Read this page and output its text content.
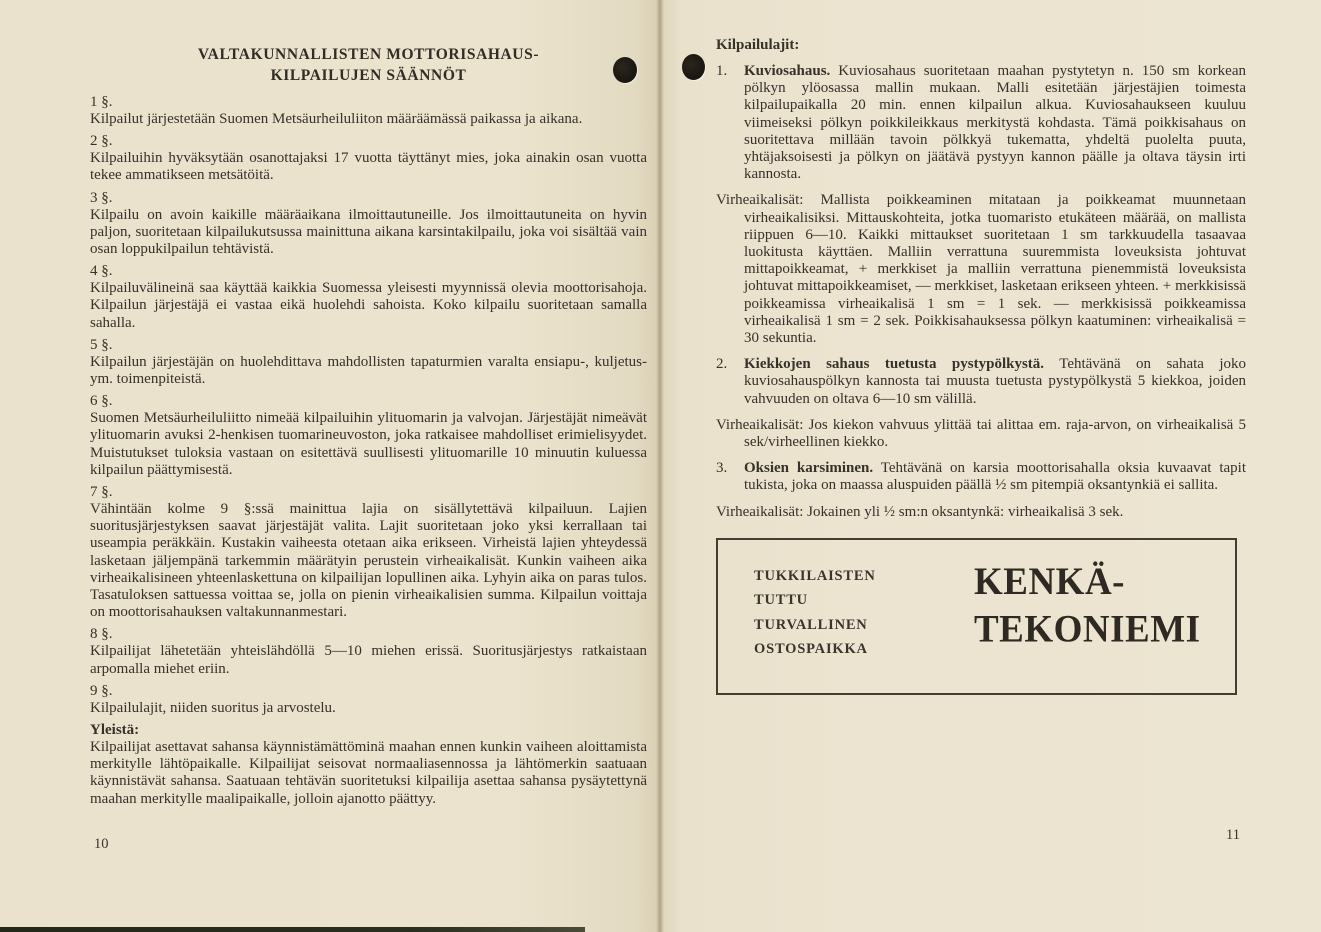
VALTAKUNNALLISTEN MOTTORISAHAUS-
KILPAILUJEN SÄÄNNÖT

1 §.

Kilpailut järjestetään Suomen Metsäurheiluliiton määräämässä paikassa ja aikana.

2 §.

Kilpailuihin hyväksytään osanottajaksi 17 vuotta täyttänyt mies, joka ainakin osan vuotta tekee ammatikseen metsätöitä.

3 §.

Kilpailu on avoin kaikille määräaikana ilmoittautuneille. Jos ilmoittautuneita on hyvin paljon, suoritetaan kilpailukutsussa mainittuna aikana karsintakilpailu, joka voi sisältää vain osan loppukilpailun tehtävistä.

4 §.

Kilpailuvälineinä saa käyttää kaikkia Suomessa yleisesti myynnissä olevia moottorisahoja. Kilpailun järjestäjä ei vastaa eikä huolehdi sahoista. Koko kilpailu suoritetaan samalla sahalla.

5 §.

Kilpailun järjestäjän on huolehdittava mahdollisten tapaturmien varalta ensiapu-, kuljetus- ym. toimenpiteistä.

6 §.

Suomen Metsäurheiluliitto nimeää kilpailuihin ylituomarin ja valvojan. Järjestäjät nimeävät ylituomarin avuksi 2-henkisen tuomarineuvoston, joka ratkaisee mahdolliset erimielisyydet. Muistutukset tuloksia vastaan on esitettävä suullisesti ylituomarille 10 minuutin kuluessa kilpailun päättymisestä.

7 §.

Vähintään kolme 9 §:ssä mainittua lajia on sisällytettävä kilpailuun. Lajien suoritusjärjestyksen saavat järjestäjät valita. Lajit suoritetaan joko yksi kerrallaan tai useampia peräkkäin. Kustakin vaiheesta otetaan aika erikseen. Virheistä lajien yhteydessä lasketaan jäljempänä tarkemmin määrätyin perustein virheaikalisät. Kunkin vaiheen aika virheaikalisineen yhteenlaskettuna on kilpailijan lopullinen aika. Lyhyin aika on paras tulos. Tasatuloksen sattuessa voittaa se, jolla on pienin virheaikalisien summa. Kilpailun voittaja on moottorisahauksen valtakunnanmestari.

8 §.

Kilpailijat lähetetään yhteislähdöllä 5—10 miehen erissä. Suoritusjärjestys ratkaistaan arpomalla miehet eriin.

9 §.

Kilpailulajit, niiden suoritus ja arvostelu.

Yleistä:

Kilpailijat asettavat sahansa käynnistämättöminä maahan ennen kunkin vaiheen aloittamista merkitylle lähtöpaikalle. Kilpailijat seisovat normaaliasennossa ja lähtömerkin saatuaan käynnistävät sahansa. Saatuaan tehtävän suoritetuksi kilpailija asettaa sahansa pysäytettynä maahan merkitylle maalipaikalle, jolloin ajanotto päättyy.

10

Kilpailulajit:

1. Kuviosahaus. Kuviosahaus suoritetaan maahan pystytetyn n. 150 sm korkean pölkyn ylöosassa mallin mukaan. Malli esitetään järjestäjien toimesta kilpailupaikalla 20 min. ennen kilpailun alkua. Kuviosahaukseen kuuluu viimeiseksi pölkyn poikkileikkaus merkitystä kohdasta. Tämä poikkisahaus on suoritettava millään tavoin pölkkyä tukematta, yhdeltä puolelta puuta, yhtäjaksoisesti ja pölkyn on jäätävä pystyyn kannon päälle ja oltava täysin irti kannosta.

Virheaikalisät: Mallista poikkeaminen mitataan ja poikkeamat muunnetaan virheaikalisiksi. Mittauskohteita, jotka tuomaristo etukäteen määrää, on mallista riippuen 6—10. Kaikki mittaukset suoritetaan 1 sm tarkkuudella tasaavaa luokitusta käyttäen. Malliin verrattuna suuremmista loveuksista johtuvat mittapoikkeamat, + merkkiset ja malliin verrattuna pienemmistä loveuksista johtuvat mittapoikkeamiset, — merkkiset, lasketaan erikseen yhteen. + merkkisissä poikkeamissa virheaikalisä 1 sm = 1 sek. — merkkisissä poikkeamissa virheaikalisä 1 sm = 2 sek. Poikkisahauksessa pölkyn kaatuminen: virheaikalisä = 30 sekuntia.

2. Kiekkojen sahaus tuetusta pystypölkystä. Tehtävänä on sahata joko kuviosahauspölkyn kannosta tai muusta tuetusta pystypölkystä 5 kiekkoa, joiden vahvuuden on oltava 6—10 sm välillä.

Virheaikalisät: Jos kiekon vahvuus ylittää tai alittaa em. raja-arvon, on virheaikalisä 5 sek/virheellinen kiekko.

3. Oksien karsiminen. Tehtävänä on karsia moottorisahalla oksia kuvaavat tapit tukista, joka on maassa aluspuiden päällä ½ sm pitempiä oksantynkiä ei sallita.

Virheaikalisät: Jokainen yli ½ sm:n oksantynkä: virheaikalisä 3 sek.

TUKKILAISTEN
TUTTU
TURVALLINEN
OSTOSPAIKKA
KENKÄ-
TEKONIEMI
11
